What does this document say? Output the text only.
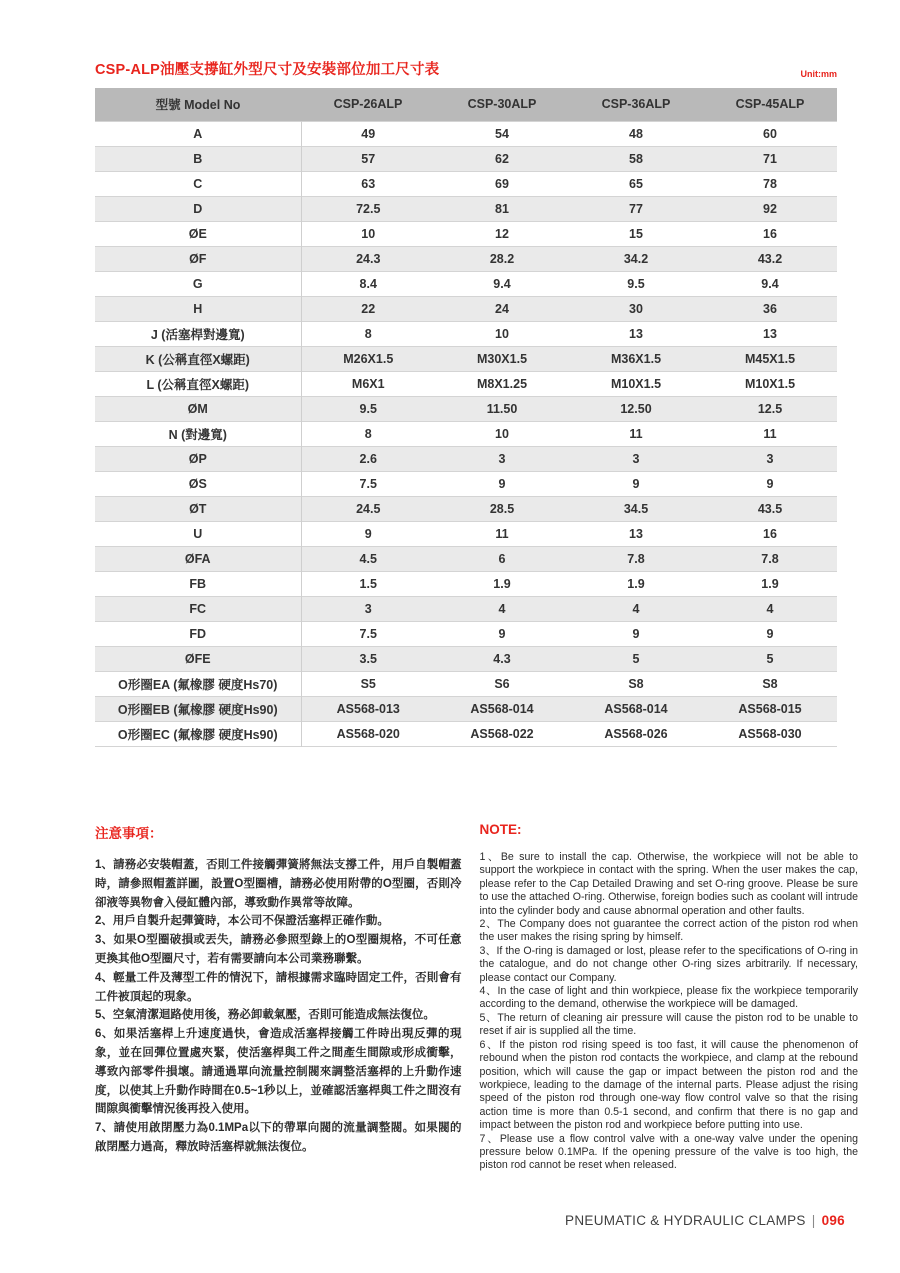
CSP-ALP油壓支撐缸外型尺寸及安裝部位加工尺寸表	Unit:mm
型號 Model No	CSP-26ALP	CSP-30ALP	CSP-36ALP	CSP-45ALP
A	49	54	48	60
B	57	62	58	71
C	63	69	65	78
D	72.5	81	77	92
ØE	10	12	15	16
ØF	24.3	28.2	34.2	43.2
G	8.4	9.4	9.5	9.4
H	22	24	30	36
J (活塞桿對邊寬)	8	10	13	13
K (公稱直徑X螺距)	M26X1.5	M30X1.5	M36X1.5	M45X1.5
L (公稱直徑X螺距)	M6X1	M8X1.25	M10X1.5	M10X1.5
ØM	9.5	11.50	12.50	12.5
N (對邊寬)	8	10	11	11
ØP	2.6	3	3	3
ØS	7.5	9	9	9
ØT	24.5	28.5	34.5	43.5
U	9	11	13	16
ØFA	4.5	6	7.8	7.8
FB	1.5	1.9	1.9	1.9
FC	3	4	4	4
FD	7.5	9	9	9
ØFE	3.5	4.3	5	5
O形圈EA (氟橡膠 硬度Hs70)	S5	S6	S8	S8
O形圈EB (氟橡膠 硬度Hs90)	AS568-013	AS568-014	AS568-014	AS568-015
O形圈EC (氟橡膠 硬度Hs90)	AS568-020	AS568-022	AS568-026	AS568-030
注意事項：

1、請務必安裝帽蓋，否則工件接觸彈簧將無法支撐工件，用戶自製帽蓋時，請參照帽蓋詳圖，設置O型圈槽，請務必使用附帶的O型圈，否則冷卻液等異物會入侵缸體內部，導致動作異常等故障。

2、用戶自製升起彈簧時，本公司不保證活塞桿正確作動。

3、如果O型圈破損或丟失，請務必參照型錄上的O型圈規格，不可任意更換其他O型圈尺寸，若有需要請向本公司業務聯繫。

4、輕量工件及薄型工件的情況下，請根據需求臨時固定工件，否則會有工件被頂起的現象。

5、空氣清潔迴路使用後，務必卸載氣壓，否則可能造成無法復位。

6、如果活塞桿上升速度過快，會造成活塞桿接觸工件時出現反彈的現象，並在回彈位置處夾緊，使活塞桿與工件之間產生間隙或形成衝擊，導致內部零件損壞。請通過單向流量控制閥來調整活塞桿的上升動作速度，以使其上升動作時間在0.5~1秒以上，並確認活塞桿與工件之間沒有間隙與衝擊情況後再投入使用。

7、請使用啟閉壓力為0.1MPa以下的帶單向閥的流量調整閥。如果閥的啟閉壓力過高，釋放時活塞桿就無法復位。

NOTE:

1、Be sure to install the cap. Otherwise, the workpiece will not be able to support the workpiece in contact with the spring. When the user makes the cap, please refer to the Cap Detailed Drawing and set O-ring groove. Please be sure to use the attached O-ring. Otherwise, foreign bodies such as coolant will intrude into the cylinder body and cause abnormal operation and other faults.

2、The Company does not guarantee the correct action of the piston rod when the user makes the rising spring by himself.

3、If the O-ring is damaged or lost, please refer to the specifications of O-ring in the catalogue, and do not change other O-ring sizes arbitrarily. If necessary, please contact our Company.

4、In the case of light and thin workpiece, please fix the workpiece temporarily according to the demand, otherwise the workpiece will be damaged.

5、The return of cleaning air pressure will cause the piston rod to be unable to reset if air is supplied all the time.

6、If the piston rod rising speed is too fast, it will cause the phenomenon of rebound when the piston rod contacts the workpiece, and clamp at the rebound position, which will cause the gap or impact between the piston rod and the workpiece, leading to the damage of the internal parts. Please adjust the rising speed of the piston rod through one-way flow control valve so that the rising action time is more than 0.5-1 second, and confirm that there is no gap and impact between the piston rod and workpiece before putting into use.

7、Please use a flow control valve with a one-way valve under the opening pressure below 0.1MPa. If the opening pressure of the valve is too high, the piston rod cannot be reset when released.

PNEUMATIC & HYDRAULIC CLAMPS | 096
